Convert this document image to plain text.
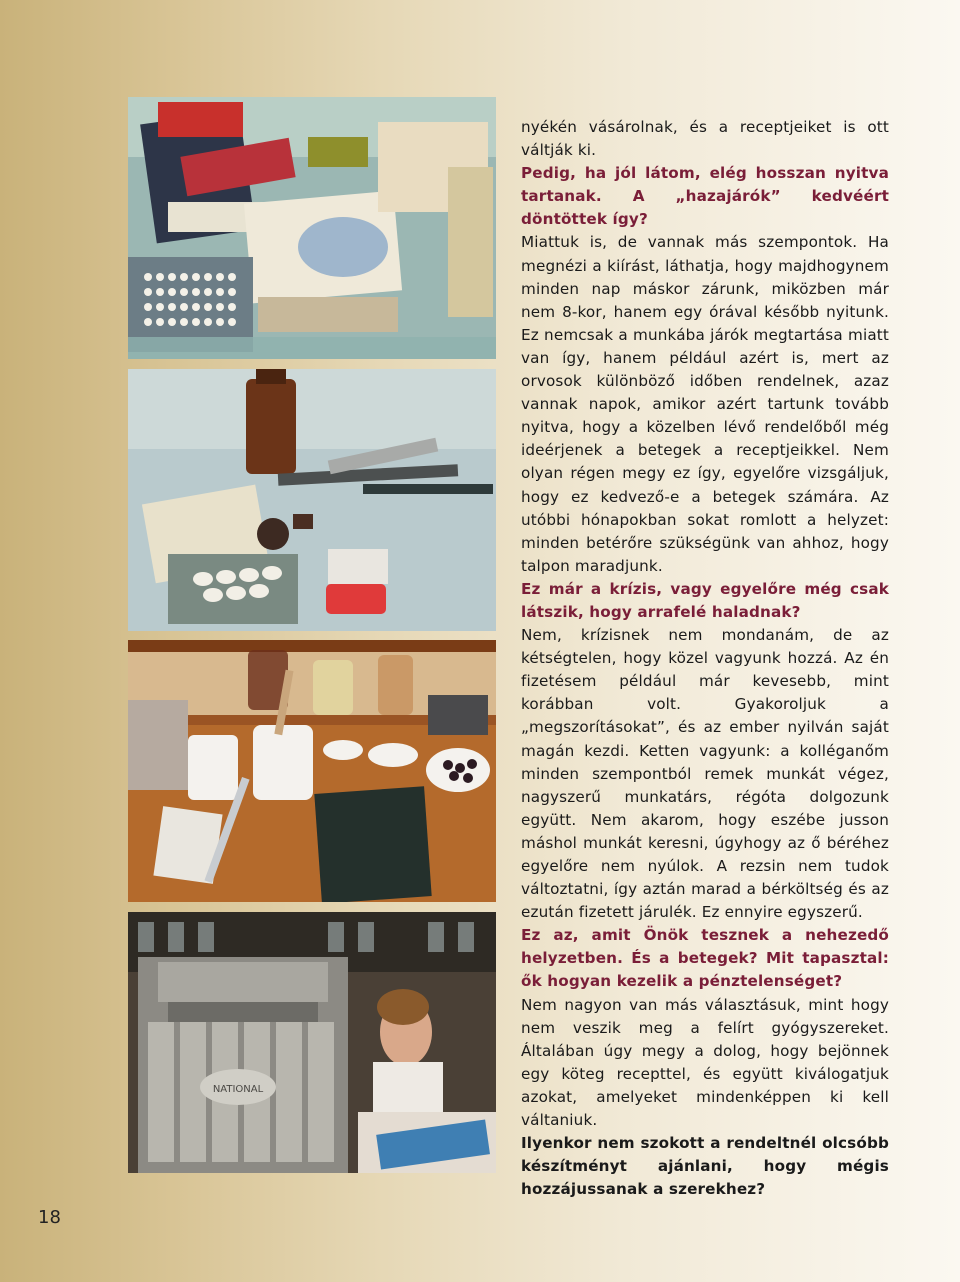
NATIONAL

nyékén vásárolnak, és a receptjeiket is ott váltják ki.

Pedig, ha jól látom, elég hosszan nyitva tartanak. A „hazajárók” kedvéért döntöttek így?

Miattuk is, de vannak más szempontok. Ha megnézi a kiírást, láthatja, hogy majdhogynem minden nap máskor zárunk, miközben már nem 8-kor, hanem egy órával később nyitunk. Ez nemcsak a munkába járók megtartása miatt van így, hanem például azért is, mert az orvosok különböző időben rendelnek, azaz vannak napok, amikor azért tartunk tovább nyitva, hogy a közelben lévő rendelőből még ideérjenek a betegek a receptjeikkel. Nem olyan régen megy ez így, egyelőre vizsgáljuk, hogy ez kedvező-e a betegek számára. Az utóbbi hónapokban sokat romlott a helyzet: minden betérőre szükségünk van ahhoz, hogy talpon maradjunk.

Ez már a krízis, vagy egyelőre még csak látszik, hogy arrafelé haladnak?

Nem, krízisnek nem mondanám, de az kétségtelen, hogy közel vagyunk hozzá. Az én fizetésem például már kevesebb, mint korábban volt. Gyakoroljuk a „megszorításokat”, és az ember nyilván saját magán kezdi. Ketten vagyunk: a kolléganőm minden szempontból remek munkát végez, nagyszerű munkatárs, régóta dolgozunk együtt. Nem akarom, hogy eszébe jusson máshol munkát keresni, úgyhogy az ő béréhez egyelőre nem nyúlok. A rezsin nem tudok változtatni, így aztán marad a bérköltség és az ezután fizetett járulék. Ez ennyire egyszerű.

Ez az, amit Önök tesznek a nehezedő helyzetben. És a betegek? Mit tapasztal: ők hogyan kezelik a pénztelenséget?

Nem nagyon van más választásuk, mint hogy nem veszik meg a felírt gyógyszereket. Általában úgy megy a dolog, hogy bejönnek egy köteg recepttel, és együtt kiválogatjuk azokat, amelyeket mindenképpen ki kell váltaniuk.

Ilyenkor nem szokott a rendeltnél olcsóbb készítményt ajánlani, hogy mégis hozzájussanak a szerekhez?

18
